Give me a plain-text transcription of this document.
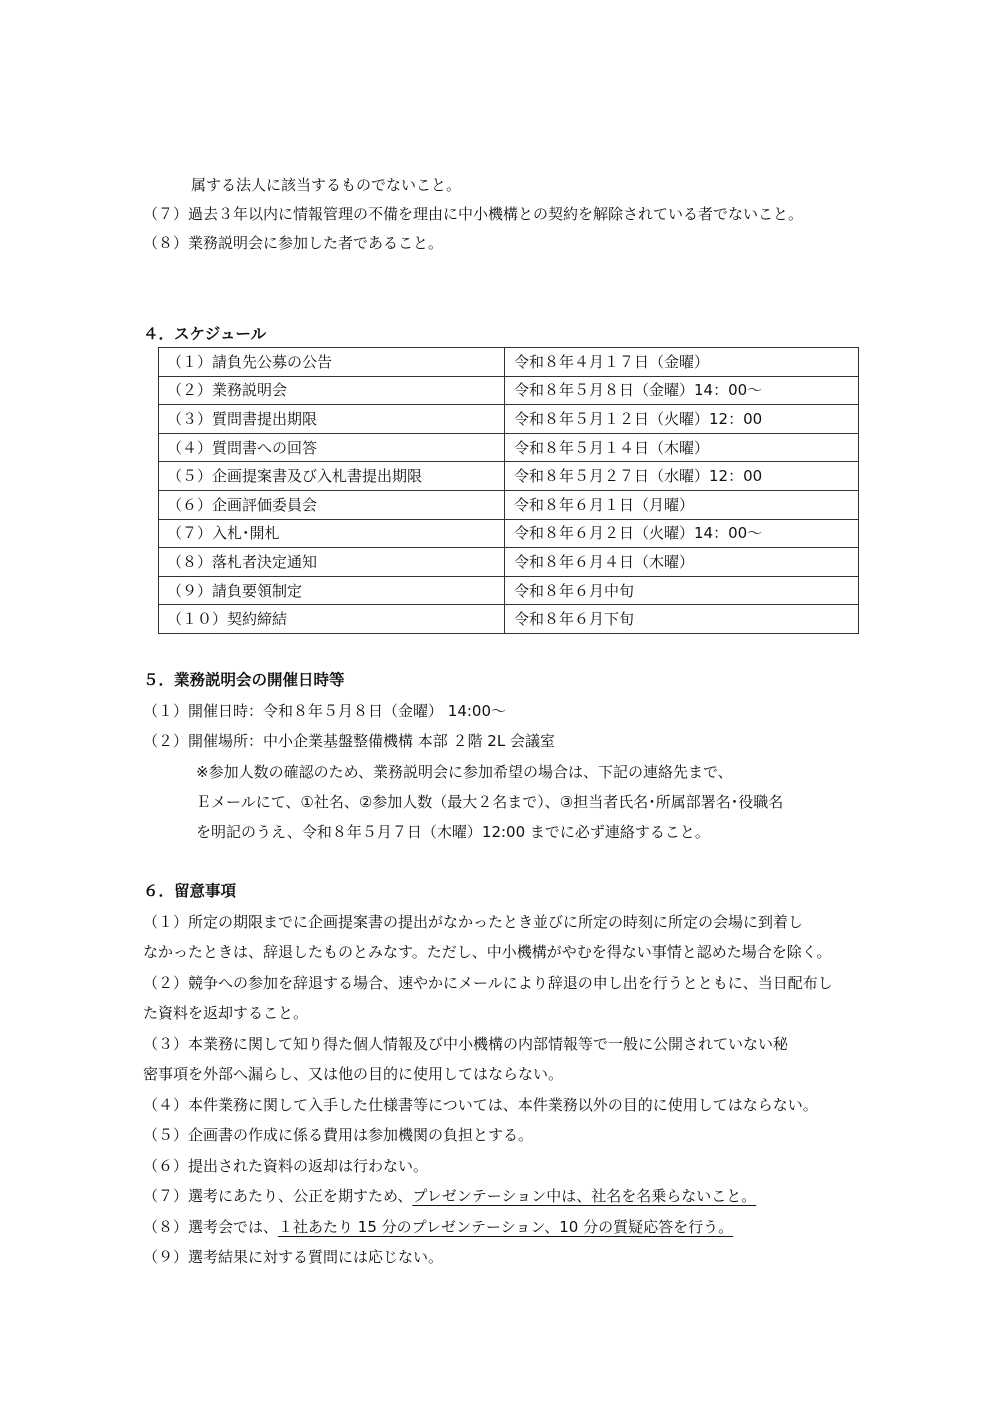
属する法人に該当するものでないこと。

（７）過去３年以内に情報管理の不備を理由に中小機構との契約を解除されている者でないこと。

（８）業務説明会に参加した者であること。

４．スケジュール

（１）請負先公募の公告	令和８年４月１７日（金曜）
（２）業務説明会	令和８年５月８日（金曜）14：00～
（３）質問書提出期限	令和８年５月１２日（火曜）12：00
（４）質問書への回答	令和８年５月１４日（木曜）
（５）企画提案書及び入札書提出期限	令和８年５月２７日（水曜）12：00
（６）企画評価委員会	令和８年６月１日（月曜）
（７）入札･開札	令和８年６月２日（火曜）14：00～
（８）落札者決定通知	令和８年６月４日（木曜）
（９）請負要領制定	令和８年６月中旬
（１０）契約締結	令和８年６月下旬

５．業務説明会の開催日時等

（１）開催日時：令和８年５月８日（金曜） 14:00～

（２）開催場所：中小企業基盤整備機構 本部 ２階 2L 会議室

※参加人数の確認のため、業務説明会に参加希望の場合は、下記の連絡先まで、

Ｅメールにて、①社名、②参加人数（最大２名まで）、③担当者氏名･所属部署名･役職名

を明記のうえ、令和８年５月７日（木曜）12:00 までに必ず連絡すること。

６．留意事項

（１）所定の期限までに企画提案書の提出がなかったとき並びに所定の時刻に所定の会場に到着し

なかったときは、辞退したものとみなす。ただし、中小機構がやむを得ない事情と認めた場合を除く。

（２）競争への参加を辞退する場合、速やかにメールにより辞退の申し出を行うとともに、当日配布し

た資料を返却すること。

（３）本業務に関して知り得た個人情報及び中小機構の内部情報等で一般に公開されていない秘

密事項を外部へ漏らし、又は他の目的に使用してはならない。

（４）本件業務に関して入手した仕様書等については、本件業務以外の目的に使用してはならない。

（５）企画書の作成に係る費用は参加機関の負担とする。

（６）提出された資料の返却は行わない。

（７）選考にあたり、公正を期すため、プレゼンテーション中は、社名を名乗らないこと。

（８）選考会では、１社あたり 15 分のプレゼンテーション、10 分の質疑応答を行う。

（９）選考結果に対する質問には応じない。
